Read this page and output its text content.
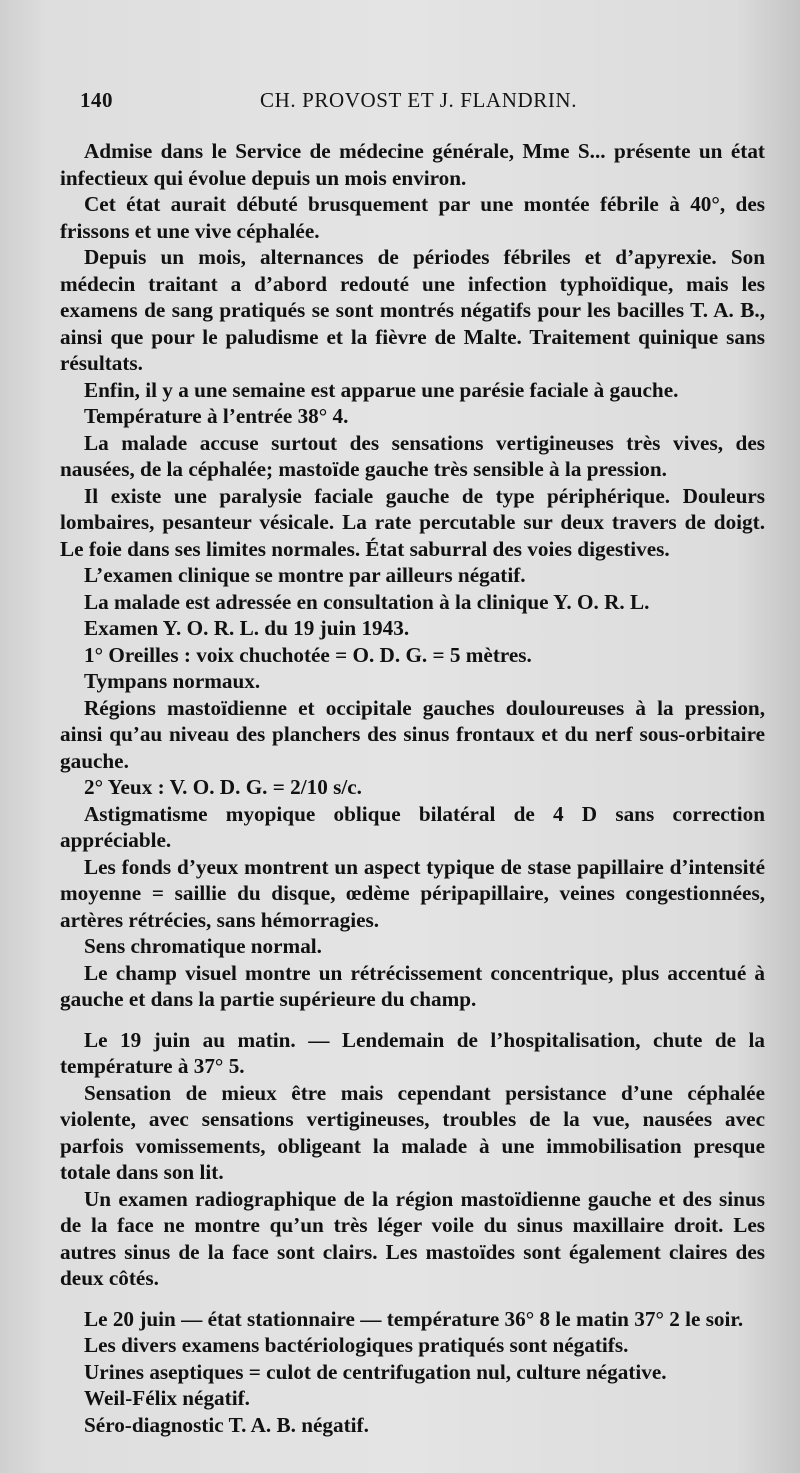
140	CH. PROVOST ET J. FLANDRIN.

Admise dans le Service de médecine générale, Mme S... présente un état infectieux qui évolue depuis un mois environ.

Cet état aurait débuté brusquement par une montée fébrile à 40°, des frissons et une vive céphalée.

Depuis un mois, alternances de périodes fébriles et d’apyrexie. Son médecin traitant a d’abord redouté une infection typhoïdique, mais les examens de sang pratiqués se sont montrés négatifs pour les bacilles T. A. B., ainsi que pour le paludisme et la fièvre de Malte. Traitement quinique sans résultats.

Enfin, il y a une semaine est apparue une parésie faciale à gauche.

Température à l’entrée 38° 4.

La malade accuse surtout des sensations vertigineuses très vives, des nausées, de la céphalée; mastoïde gauche très sensible à la pression.

Il existe une paralysie faciale gauche de type périphérique. Douleurs lombaires, pesanteur vésicale. La rate percutable sur deux travers de doigt. Le foie dans ses limites normales. État saburral des voies digestives.

L’examen clinique se montre par ailleurs négatif.

La malade est adressée en consultation à la clinique Y. O. R. L.

Examen Y. O. R. L. du 19 juin 1943.

1° Oreilles : voix chuchotée = O. D. G. = 5 mètres.

Tympans normaux.

Régions mastoïdienne et occipitale gauches douloureuses à la pression, ainsi qu’au niveau des planchers des sinus frontaux et du nerf sous-orbitaire gauche.

2° Yeux : V. O. D. G. = 2/10 s/c.

Astigmatisme myopique oblique bilatéral de 4 D sans correction appréciable.

Les fonds d’yeux montrent un aspect typique de stase papillaire d’intensité moyenne = saillie du disque, œdème péripapillaire, veines congestionnées, artères rétrécies, sans hémorragies.

Sens chromatique normal.

Le champ visuel montre un rétrécissement concentrique, plus accentué à gauche et dans la partie supérieure du champ.

Le 19 juin au matin. — Lendemain de l’hospitalisation, chute de la température à 37° 5.

Sensation de mieux être mais cependant persistance d’une céphalée violente, avec sensations vertigineuses, troubles de la vue, nausées avec parfois vomissements, obligeant la malade à une immobilisation presque totale dans son lit.

Un examen radiographique de la région mastoïdienne gauche et des sinus de la face ne montre qu’un très léger voile du sinus maxillaire droit. Les autres sinus de la face sont clairs. Les mastoïdes sont également claires des deux côtés.

Le 20 juin — état stationnaire — température 36° 8 le matin 37° 2 le soir.

Les divers examens bactériologiques pratiqués sont négatifs.

Urines aseptiques = culot de centrifugation nul, culture négative.

Weil-Félix négatif.

Séro-diagnostic T. A. B. négatif.
